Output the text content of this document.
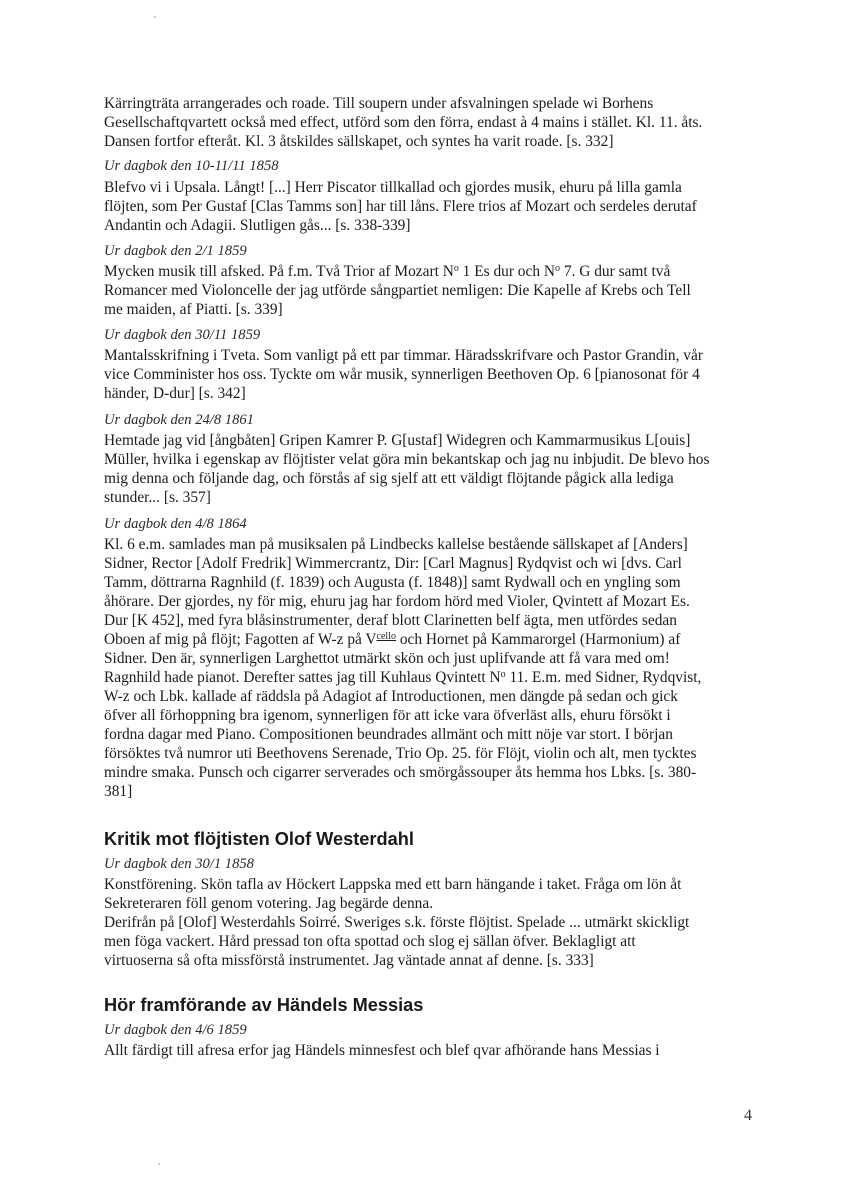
Kärringträta arrangerades och roade. Till soupern under afsvalningen spelade wi Borhens
Gesellschaftqvartett också med effect, utförd som den förra, endast à 4 mains i stället. Kl. 11. åts.
Dansen fortfor efteråt. Kl. 3 åtskildes sällskapet, och syntes ha varit roade. [s. 332]
Ur dagbok den 10-11/11 1858
Blefvo vi i Upsala. Långt! [...] Herr Piscator tillkallad och gjordes musik, ehuru på lilla gamla
flöjten, som Per Gustaf [Clas Tamms son] har till låns. Flere trios af Mozart och serdeles derutaf
Andantin och Adagii. Slutligen gås... [s. 338-339]
Ur dagbok den 2/1 1859
Mycken musik till afsked. På f.m. Två Trior af Mozart $N^o$ 1 Es dur och $N^o$ 7. G dur samt två
Romancer med Violoncelle der jag utförde sångpartiet nemligen: Die Kapelle af Krebs och Tell
me maiden, af Piatti. [s. 339]
Ur dagbok den 30/11 1859
Mantalsskrifning i Tveta. Som vanligt på ett par timmar. Häradsskrifvare och Pastor Grandin, vår
vice Comminister hos oss. Tyckte om wår musik, synnerligen Beethoven Op. 6 [pianosonat för 4
händer, D-dur] [s. 342]
Ur dagbok den 24/8 1861
Hemtade jag vid [ångbåten] Gripen Kamrer P. G[ustaf] Widegren och Kammarmusikus L[ouis]
Müller, hvilka i egenskap av flöjtister velat göra min bekantskap och jag nu inbjudit. De blevo hos
mig denna och följande dag, och förstås af sig sjelf att ett väldigt flöjtande pågick alla lediga
stunder... [s. 357]
Ur dagbok den 4/8 1864
Kl. 6 e.m. samlades man på musiksalen på Lindbecks kallelse bestående sällskapet af [Anders]
Sidner, Rector [Adolf Fredrik] Wimmercrantz, Dir: [Carl Magnus] Rydqvist och wi [dvs. Carl
Tamm, döttrarna Ragnhild (f. 1839) och Augusta (f. 1848)] samt Rydwall och en yngling som
åhörare. Der gjordes, ny för mig, ehuru jag har fordom hörd med Violer, Qvintett af Mozart Es.
Dur [K 452], med fyra blåsinstrumenter, deraf blott Clarinetten belf ägta, men utfördes sedan
Oboen af mig på flöjt; Fagotten af W-z på $V^{cello}$ och Hornet på Kammarorgel (Harmonium) af
Sidner. Den är, synnerligen Larghettot utmärkt skön och just uplifvande att få vara med om!
Ragnhild hade pianot. Derefter sattes jag till Kuhlaus Qvintett $N^o$ 11. E.m. med Sidner, Rydqvist,
W-z och Lbk. kallade af räddsla på Adagiot af Introductionen, men dängde på sedan och gick
öfver all förhoppning bra igenom, synnerligen för att icke vara öfverläst alls, ehuru försökt i
fordna dagar med Piano. Compositionen beundrades allmänt och mitt nöje var stort. I början
försöktes två numror uti Beethovens Serenade, Trio Op. 25. för Flöjt, violin och alt, men tycktes
mindre smaka. Punsch och cigarrer serverades och smörgåssouper åts hemma hos Lbks. [s. 380-
381]
Kritik mot flöjtisten Olof Westerdahl
Ur dagbok den 30/1 1858
Konstförening. Skön tafla av Höckert Lappska med ett barn hängande i taket. Fråga om lön åt
Sekreteraren föll genom votering. Jag begärde denna.
Derifrån på [Olof] Westerdahls Soirré. Sweriges s.k. förste flöjtist. Spelade ... utmärkt skickligt
men föga vackert. Hård pressad ton ofta spottad och slog ej sällan öfver. Beklagligt att
virtuoserna så ofta missförstå instrumentet. Jag väntade annat af denne. [s. 333]
Hör framförande av Händels Messias
Ur dagbok den 4/6 1859
Allt färdigt till afresa erfor jag Händels minnesfest och blef qvar afhörande hans Messias i
4
